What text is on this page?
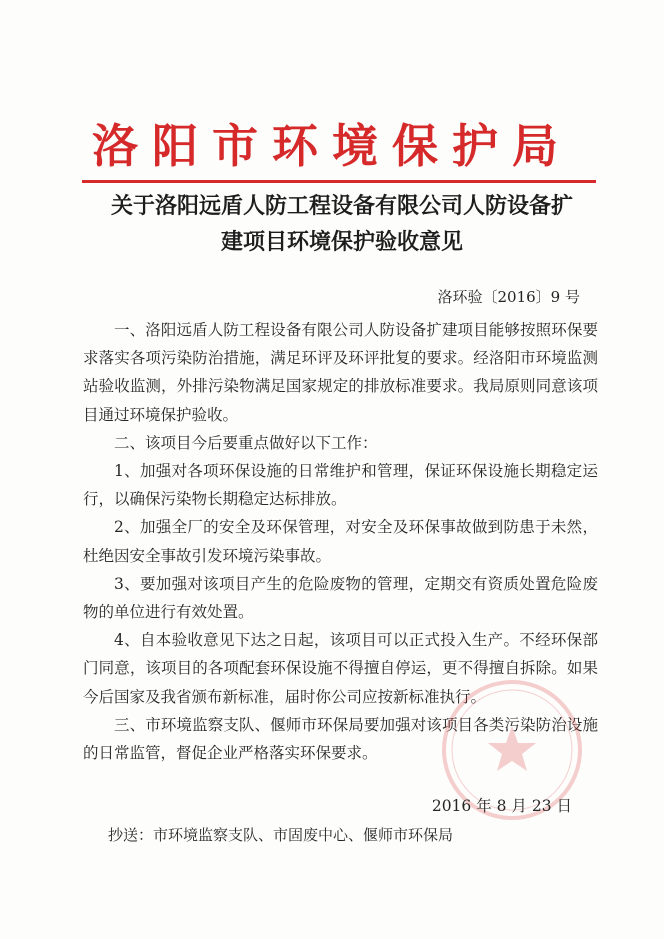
洛阳市环境保护局
关于洛阳远盾人防工程设备有限公司人防设备扩
建项目环境保护验收意见
洛环验〔2016〕9 号

一、洛阳远盾人防工程设备有限公司人防设备扩建项目能够按照环保要求落实各项污染防治措施，满足环评及环评批复的要求。经洛阳市环境监测站验收监测，外排污染物满足国家规定的排放标准要求。我局原则同意该项目通过环境保护验收。

二、该项目今后要重点做好以下工作：

1、加强对各项环保设施的日常维护和管理，保证环保设施长期稳定运行，以确保污染物长期稳定达标排放。

2、加强全厂的安全及环保管理，对安全及环保事故做到防患于未然，杜绝因安全事故引发环境污染事故。

3、要加强对该项目产生的危险废物的管理，定期交有资质处置危险废物的单位进行有效处置。

4、自本验收意见下达之日起，该项目可以正式投入生产。不经环保部门同意，该项目的各项配套环保设施不得擅自停运，更不得擅自拆除。如果今后国家及我省颁布新标准，届时你公司应按新标准执行。

三、市环境监察支队、偃师市环保局要加强对该项目各类污染防治设施的日常监管，督促企业严格落实环保要求。

2016 年 8 月 23 日
抄送：市环境监察支队、市固废中心、偃师市环保局
